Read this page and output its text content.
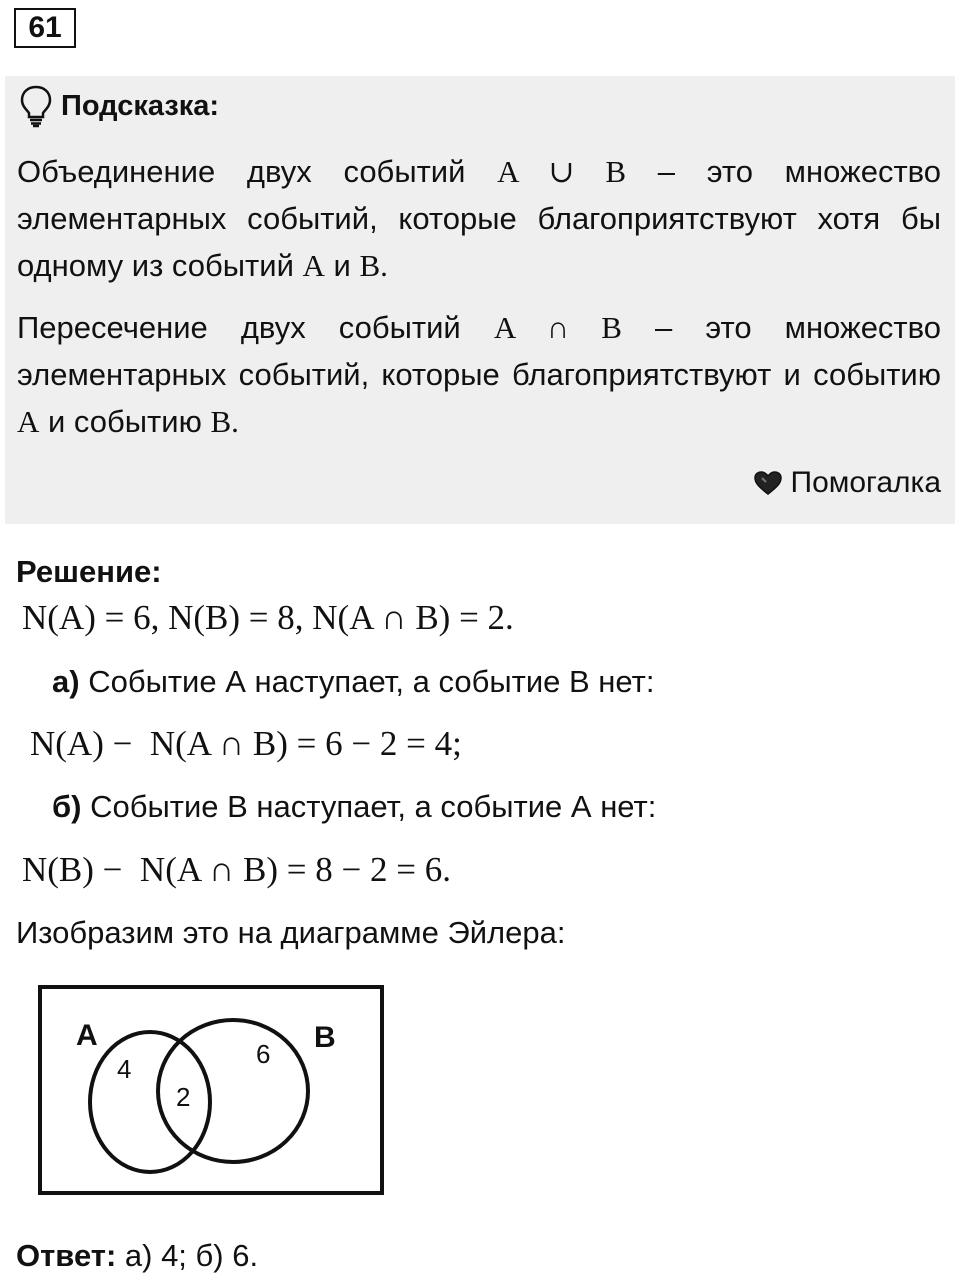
61
Подсказка:

Объединение двух событий A ∪ B – это множество элементарных событий, которые благоприятствуют хотя бы одному из событий A и B.

Пересечение двух событий A ∩ B – это множество элементарных событий, которые благоприятствуют и событию A и событию B.

Помогалка
Решение:
N(A) = 6, N(B) = 8, N(A ∩ B) = 2.
а) Событие А наступает, а событие В нет:
N(A) −  N(A ∩ B) = 6 − 2 = 4;
б) Событие В наступает, а событие А нет:
N(B) −  N(A ∩ B) = 8 − 2 = 6.
Изобразим это на диаграмме Эйлера:
A	B
4
2
6
Ответ: а) 4; б) 6.
